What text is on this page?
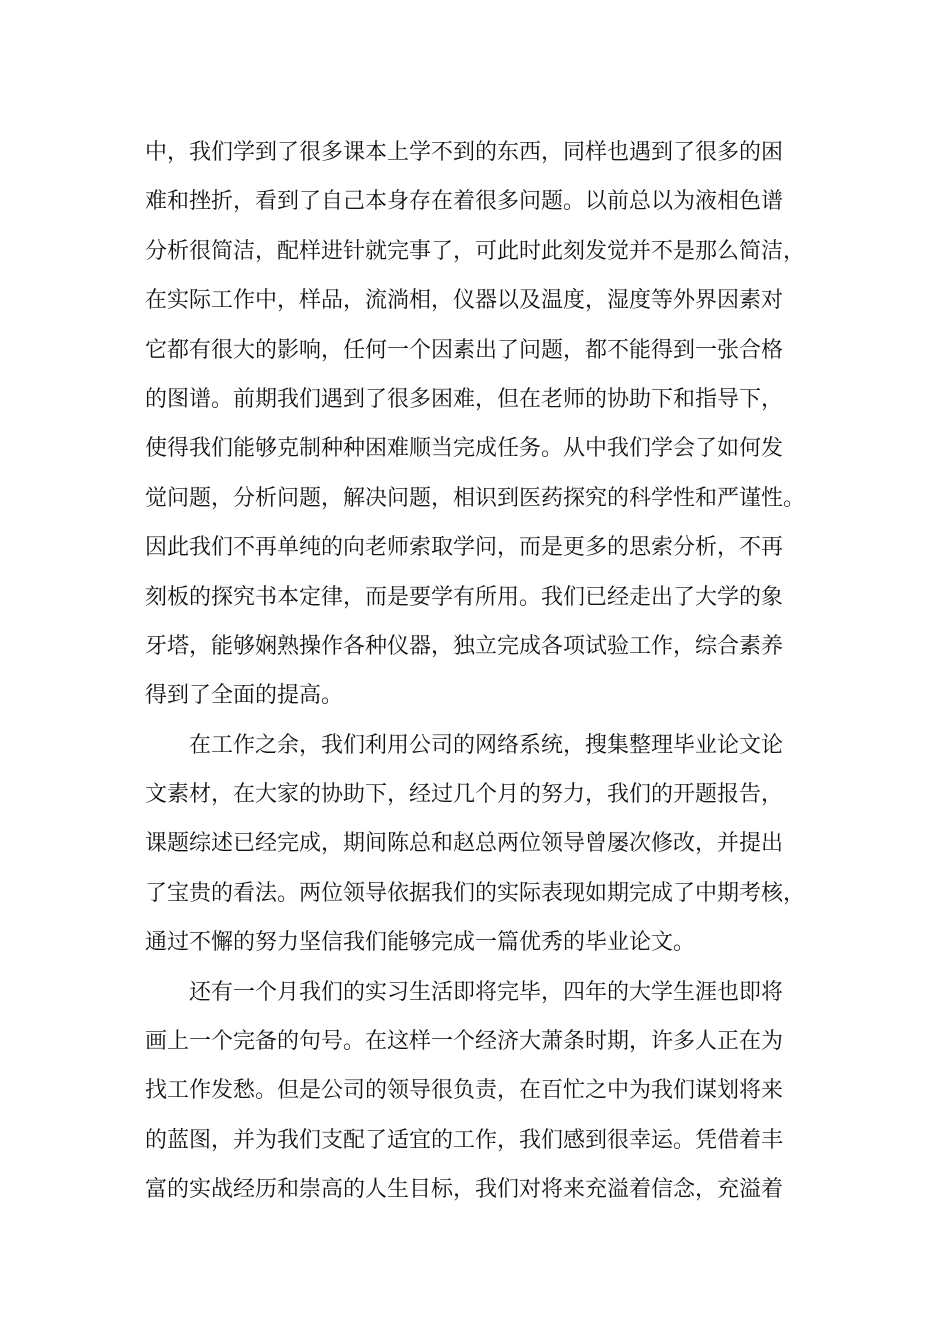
中，我们学到了很多课本上学不到的东西，同样也遇到了很多的困
难和挫折，看到了自己本身存在着很多问题。以前总以为液相色谱
分析很简洁，配样进针就完事了，可此时此刻发觉并不是那么简洁，
在实际工作中，样品，流淌相，仪器以及温度，湿度等外界因素对
它都有很大的影响，任何一个因素出了问题，都不能得到一张合格
的图谱。前期我们遇到了很多困难，但在老师的协助下和指导下，
使得我们能够克制种种困难顺当完成任务。从中我们学会了如何发
觉问题，分析问题，解决问题，相识到医药探究的科学性和严谨性。
因此我们不再单纯的向老师索取学问，而是更多的思索分析，不再
刻板的探究书本定律，而是要学有所用。我们已经走出了大学的象
牙塔，能够娴熟操作各种仪器，独立完成各项试验工作，综合素养
得到了全面的提高。
在工作之余，我们利用公司的网络系统，搜集整理毕业论文论
文素材，在大家的协助下，经过几个月的努力，我们的开题报告，
课题综述已经完成，期间陈总和赵总两位领导曾屡次修改，并提出
了宝贵的看法。两位领导依据我们的实际表现如期完成了中期考核，
通过不懈的努力坚信我们能够完成一篇优秀的毕业论文。
还有一个月我们的实习生活即将完毕，四年的大学生涯也即将
画上一个完备的句号。在这样一个经济大萧条时期，许多人正在为
找工作发愁。但是公司的领导很负责，在百忙之中为我们谋划将来
的蓝图，并为我们支配了适宜的工作，我们感到很幸运。凭借着丰
富的实战经历和崇高的人生目标，我们对将来充溢着信念，充溢着
